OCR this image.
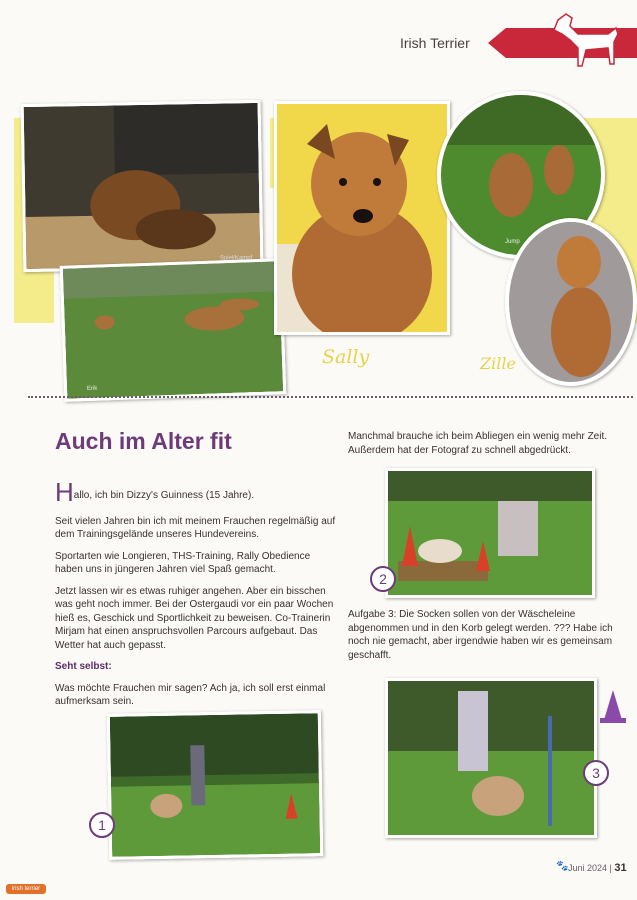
Irish Terrier
Spiel/Kampf
Erik
Jump
Sally	Zille
Auch im Alter fit

Hallo, ich bin Dizzy's Guinness (15 Jahre).

Seit vielen Jahren bin ich mit meinem Frauchen regelmäßig auf dem Trainingsgelände unseres Hundevereins.

Sportarten wie Longieren, THS-Training, Rally Obedience haben uns in jüngeren Jahren viel Spaß gemacht.

Jetzt lassen wir es etwas ruhiger angehen. Aber ein bisschen was geht noch immer. Bei der Ostergaudi vor ein paar Wochen hieß es, Geschick und Sportlichkeit zu beweisen. Co-Trainerin Mirjam hat einen anspruchsvollen Parcours aufgebaut. Das Wetter hat auch gepasst.

Seht selbst:

Was möchte Frauchen mir sagen? Ach ja, ich soll erst einmal aufmerksam sein.

1
Manchmal brauche ich beim Abliegen ein wenig mehr Zeit. Außerdem hat der Fotograf zu schnell abgedrückt.
2
Aufgabe 3: Die Socken sollen von der Wäscheleine abgenommen und in den Korb gelegt werden. ??? Habe ich noch nie gemacht, aber irgendwie haben wir es gemeinsam geschafft.
3
🐾 Juni 2024 | 31
irish terrier
